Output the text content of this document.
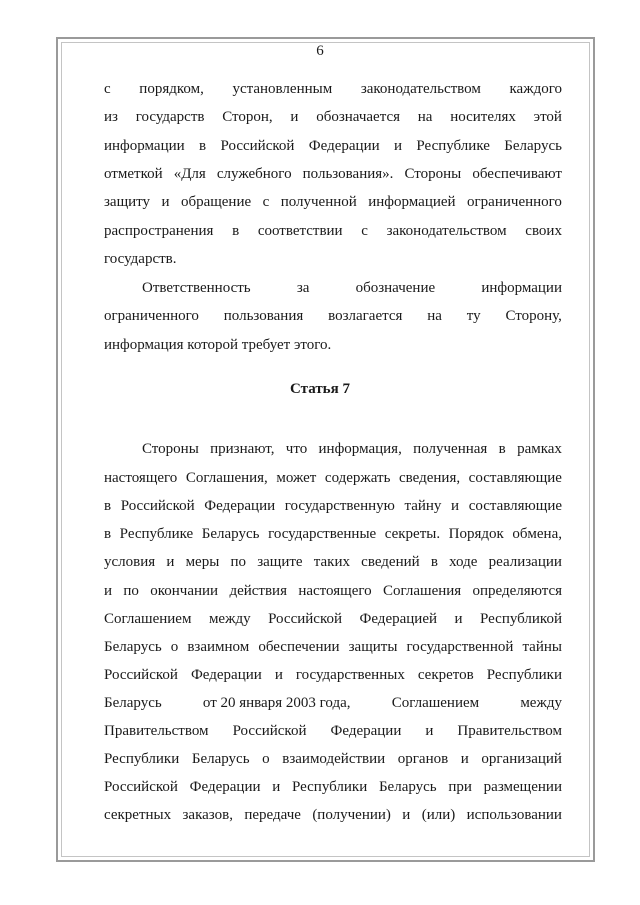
6
с порядком, установленным законодательством каждого
из государств Сторон, и обозначается на носителях этой
информации в Российской Федерации и Республике Беларусь
отметкой «Для служебного пользования». Стороны обеспечивают
защиту и обращение с полученной информацией ограниченного
распространения в соответствии с законодательством своих
государств.
Ответственность	за	обозначение	информации
ограниченного пользования возлагается на ту Сторону,
информация которой требует этого.
Статья 7
Стороны признают, что информация, полученная в рамках
настоящего Соглашения, может содержать сведения, составляющие
в Российской Федерации государственную тайну и составляющие
в Республике Беларусь государственные секреты. Порядок обмена,
условия и меры по защите таких сведений в ходе реализации
и по окончании действия настоящего Соглашения определяются
Соглашением между Российской Федерацией и Республикой
Беларусь о взаимном обеспечении защиты государственной тайны
Российской Федерации и государственных секретов Республики
Беларусь	от 20 января 2003 года,	Соглашением	между
Правительством Российской Федерации и Правительством
Республики Беларусь о взаимодействии органов и организаций
Российской Федерации и Республики Беларусь при размещении
секретных заказов, передаче (получении) и (или) использовании
